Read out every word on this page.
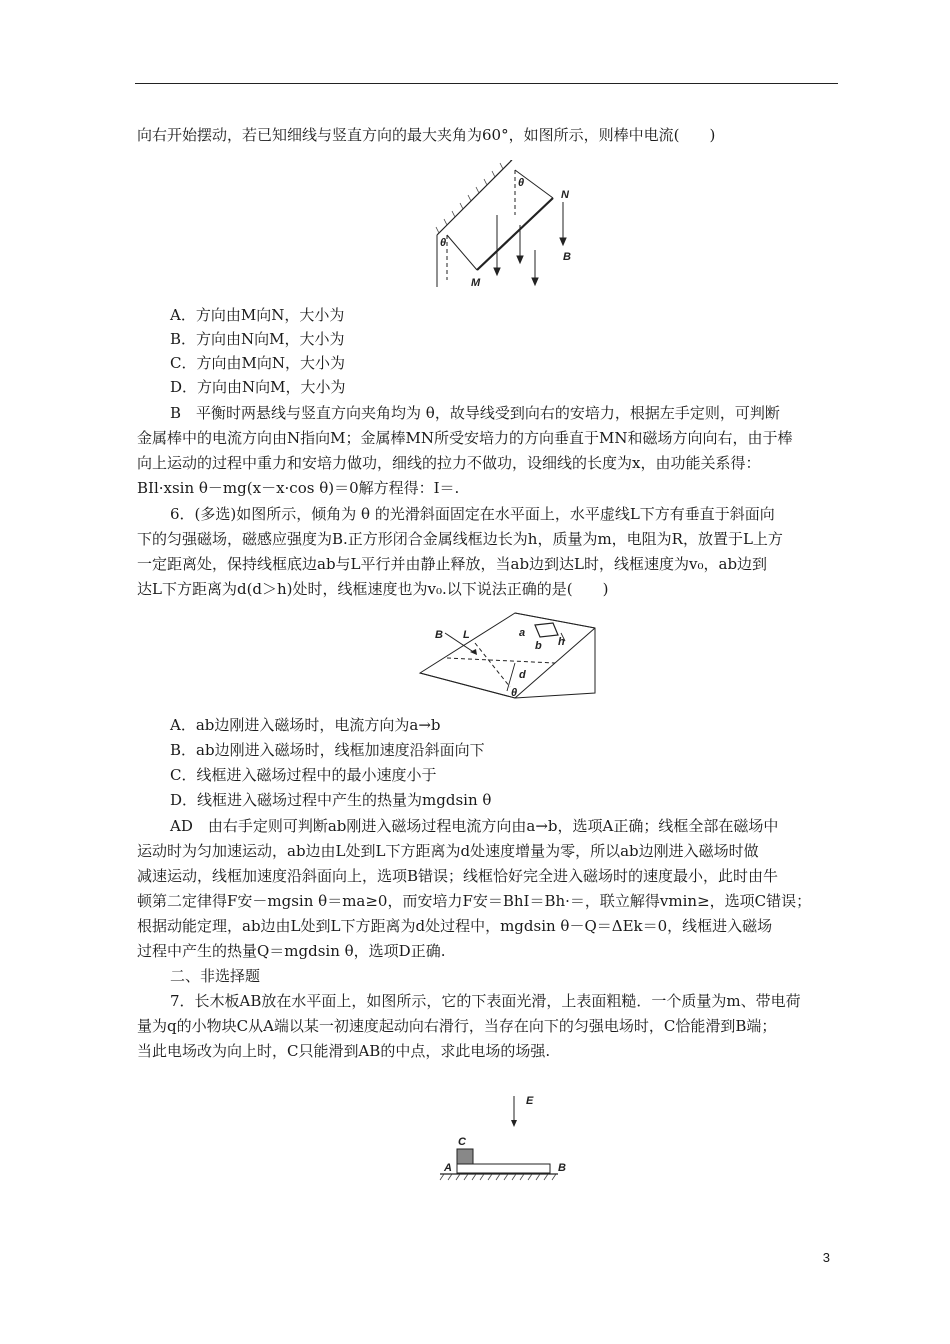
向右开始摆动，若已知细线与竖直方向的最大夹角为60°，如图所示，则棒中电流(　　)
θ
θ
N
M
B
A．方向由M向N，大小为
B．方向由N向M，大小为
C．方向由M向N，大小为
D．方向由N向M，大小为
B　平衡时两悬线与竖直方向夹角均为 θ，故导线受到向右的安培力，根据左手定则，可判断
金属棒中的电流方向由N指向M；金属棒MN所受安培力的方向垂直于MN和磁场方向向右，由于棒
向上运动的过程中重力和安培力做功，细线的拉力不做功，设细线的长度为x，由功能关系得：
BIl·xsin θ－mg(x－x·cos θ)＝0解方程得：I＝.
6．(多选)如图所示，倾角为 θ 的光滑斜面固定在水平面上，水平虚线L下方有垂直于斜面向
下的匀强磁场，磁感应强度为B.正方形闭合金属线框边长为h，质量为m，电阻为R，放置于L上方
一定距离处，保持线框底边ab与L平行并由静止释放，当ab边到达L时，线框速度为v₀，ab边到
达L下方距离为d(d＞h)处时，线框速度也为v₀.以下说法正确的是(　　)
B L	a
b h
d
θ
A．ab边刚进入磁场时，电流方向为a→b
B．ab边刚进入磁场时，线框加速度沿斜面向下
C．线框进入磁场过程中的最小速度小于
D．线框进入磁场过程中产生的热量为mgdsin θ
AD　由右手定则可判断ab刚进入磁场过程电流方向由a→b，选项A正确；线框全部在磁场中
运动时为匀加速运动，ab边由L处到L下方距离为d处速度增量为零，所以ab边刚进入磁场时做
减速运动，线框加速度沿斜面向上，选项B错误；线框恰好完全进入磁场时的速度最小，此时由牛
顿第二定律得F安－mgsin θ＝ma≥0，而安培力F安＝BhI＝Bh·＝，联立解得vmin≥，选项C错误；
根据动能定理，ab边由L处到L下方距离为d处过程中，mgdsin θ－Q＝ΔEk＝0，线框进入磁场
过程中产生的热量Q＝mgdsin θ，选项D正确.
二、非选择题
7．长木板AB放在水平面上，如图所示，它的下表面光滑，上表面粗糙．一个质量为m、带电荷
量为q的小物块C从A端以某一初速度起动向右滑行，当存在向下的匀强电场时，C恰能滑到B端；
当此电场改为向上时，C只能滑到AB的中点，求此电场的场强.
E
C
A	B
3
